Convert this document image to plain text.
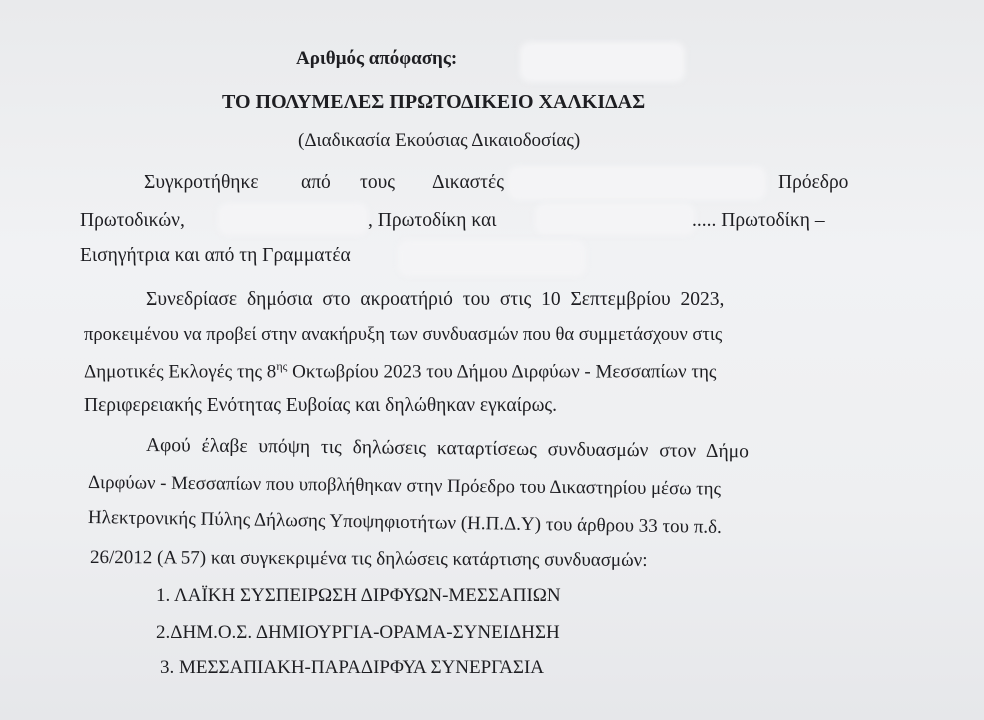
Αριθμός απόφασης:
ΤΟ ΠΟΛΥΜΕΛΕΣ ΠΡΩΤΟΔΙΚΕΙΟ ΧΑΛΚΙΔΑΣ
(Διαδικασία Εκούσιας Δικαιοδοσίας)
Συγκροτήθηκε από τους Δικαστές	Πρόεδρο
Πρωτοδικών,	, Πρωτοδίκη και	..... Πρωτοδίκη –
Εισηγήτρια και από τη Γραμματέα
Συνεδρίασε δημόσια στο ακροατήριό του στις 10 Σεπτεμβρίου 2023,
προκειμένου να προβεί στην ανακήρυξη των συνδυασμών που θα συμμετάσχουν στις
Δημοτικές Εκλογές της $8^{\eta\varsigma}$ Οκτωβρίου 2023 του Δήμου Διρφύων - Μεσσαπίων της
Περιφερειακής Ενότητας Ευβοίας και δηλώθηκαν εγκαίρως.
Αφού έλαβε υπόψη τις δηλώσεις καταρτίσεως συνδυασμών στον Δήμο
Διρφύων - Μεσσαπίων που υποβλήθηκαν στην Πρόεδρο του Δικαστηρίου μέσω της
Ηλεκτρονικής Πύλης Δήλωσης Υποψηφιοτήτων (Η.Π.Δ.Υ) του άρθρου 33 του π.δ.
26/2012 (Α 57) και συγκεκριμένα τις δηλώσεις κατάρτισης συνδυασμών:
1. ΛΑΪΚΗ ΣΥΣΠΕΙΡΩΣΗ ΔΙΡΦΥΩΝ-ΜΕΣΣΑΠΙΩΝ
2.ΔΗΜ.Ο.Σ. ΔΗΜΙΟΥΡΓΙΑ-ΟΡΑΜΑ-ΣΥΝΕΙΔΗΣΗ
3. ΜΕΣΣΑΠΙΑΚΗ-ΠΑΡΑΔΙΡΦΥΑ ΣΥΝΕΡΓΑΣΙΑ
